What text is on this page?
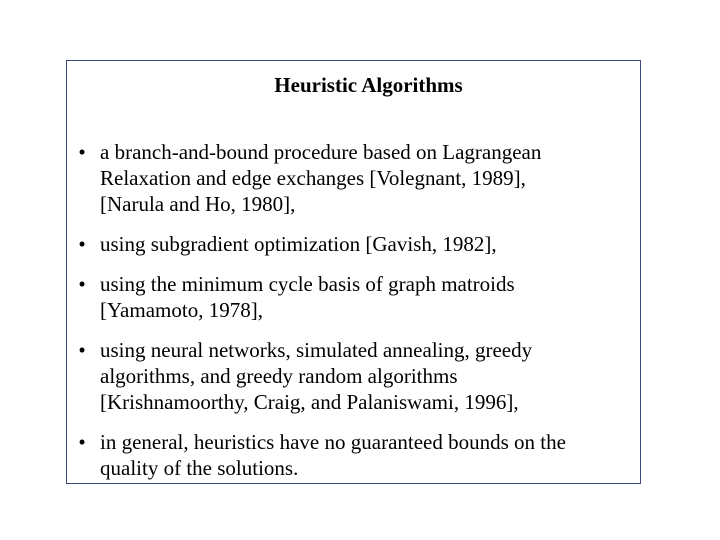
Heuristic Algorithms
• a branch-and-bound procedure based on Lagrangean
Relaxation and edge exchanges [Volegnant, 1989],
[Narula and Ho, 1980],
• using subgradient optimization [Gavish, 1982],
• using the minimum cycle basis of graph matroids
[Yamamoto, 1978],
• using neural networks, simulated annealing, greedy
algorithms, and greedy random algorithms
[Krishnamoorthy, Craig, and Palaniswami, 1996],
• in general, heuristics have no guaranteed bounds on the
quality of the solutions.
